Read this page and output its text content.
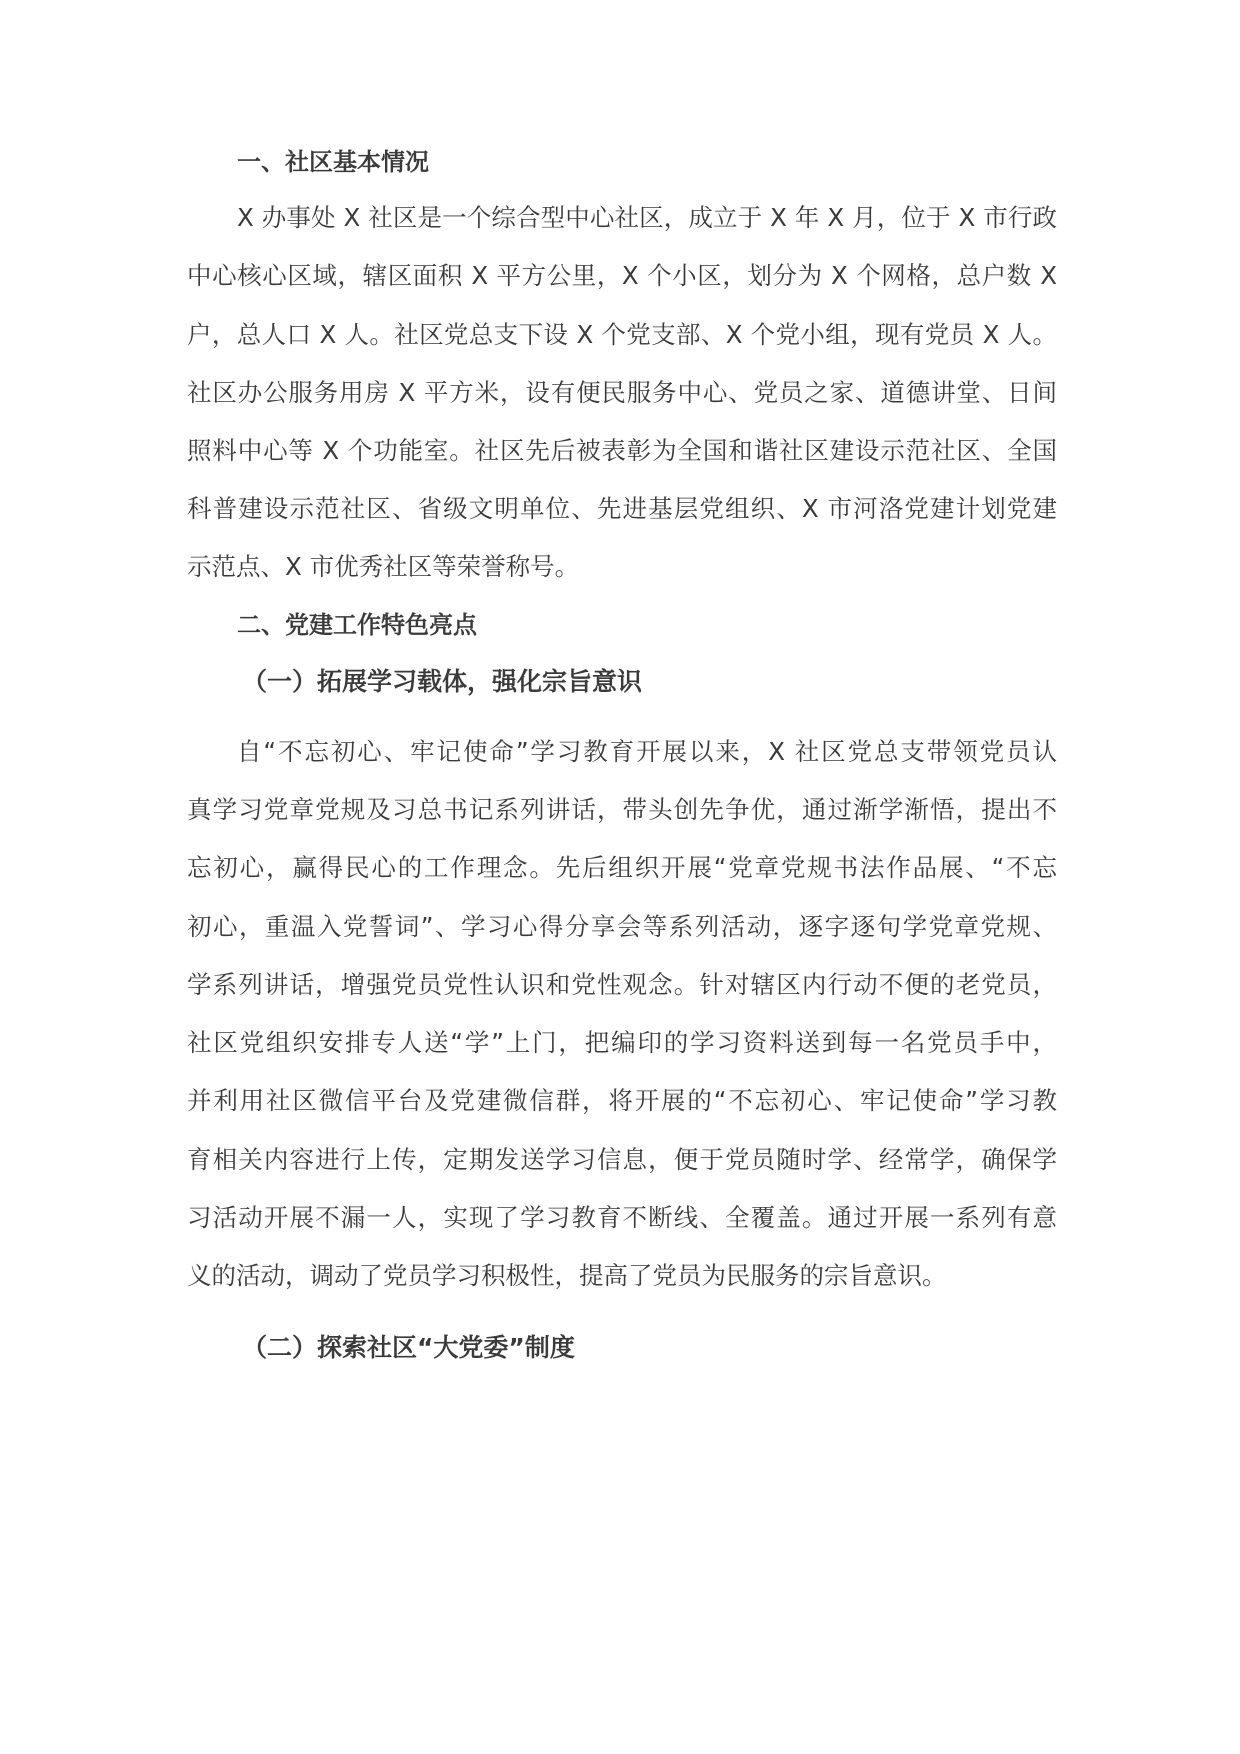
一、社区基本情况
X 办事处 X 社区是一个综合型中心社区，成立于 X 年 X 月，位于 X 市行政
中心核心区域，辖区面积 X 平方公里，X 个小区，划分为 X 个网格，总户数 X
户，总人口 X 人。社区党总支下设 X 个党支部、X 个党小组，现有党员 X 人。
社区办公服务用房 X 平方米，设有便民服务中心、党员之家、道德讲堂、日间
照料中心等 X 个功能室。社区先后被表彰为全国和谐社区建设示范社区、全国
科普建设示范社区、省级文明单位、先进基层党组织、X 市河洛党建计划党建
示范点、X 市优秀社区等荣誉称号。
二、党建工作特色亮点
（一）拓展学习载体，强化宗旨意识
自“不忘初心、牢记使命”学习教育开展以来，X 社区党总支带领党员认
真学习党章党规及习总书记系列讲话，带头创先争优，通过渐学渐悟，提出不
忘初心，赢得民心的工作理念。先后组织开展“党章党规书法作品展、“不忘
初心，重温入党誓词”、学习心得分享会等系列活动，逐字逐句学党章党规、
学系列讲话，增强党员党性认识和党性观念。针对辖区内行动不便的老党员，
社区党组织安排专人送“学”上门，把编印的学习资料送到每一名党员手中，
并利用社区微信平台及党建微信群，将开展的“不忘初心、牢记使命”学习教
育相关内容进行上传，定期发送学习信息，便于党员随时学、经常学，确保学
习活动开展不漏一人，实现了学习教育不断线、全覆盖。通过开展一系列有意
义的活动，调动了党员学习积极性，提高了党员为民服务的宗旨意识。
（二）探索社区“大党委”制度
